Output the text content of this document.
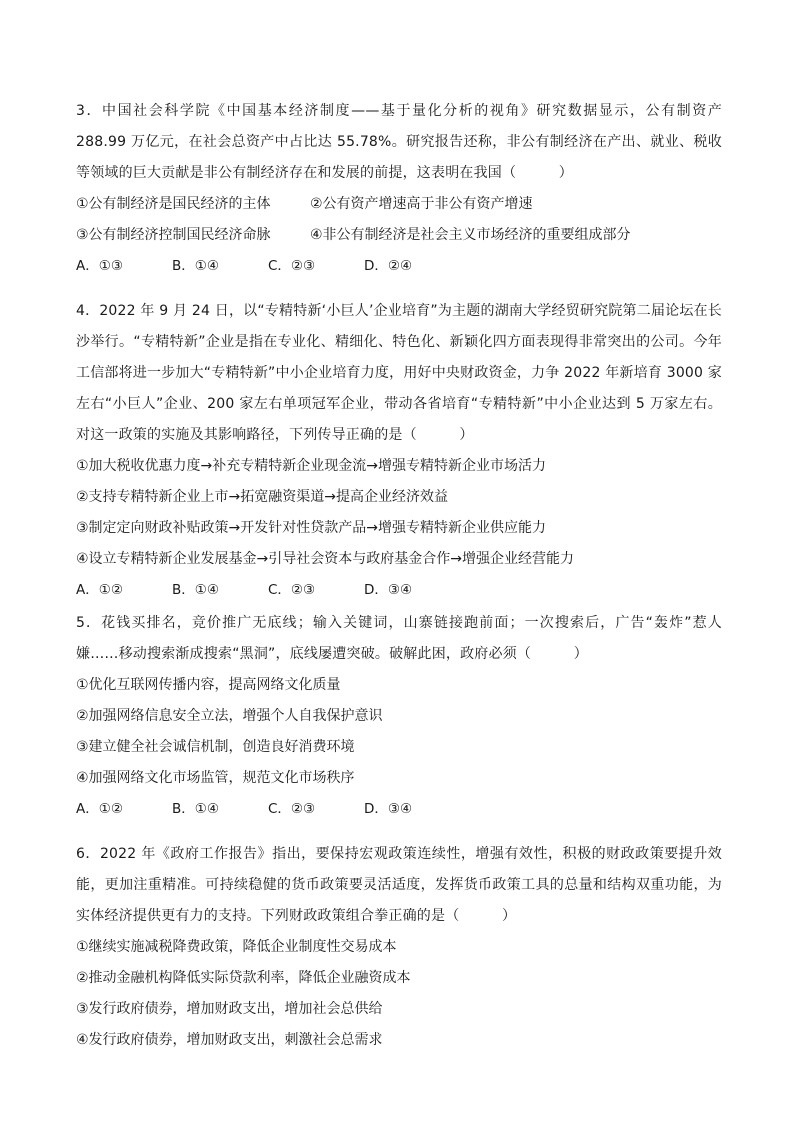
3．中国社会科学院《中国基本经济制度——基于量化分析的视角》研究数据显示，公有制资产 288.99 万亿元，在社会总资产中占比达 55.78%。研究报告还称，非公有制经济在产出、就业、税收等领域的巨大贡献是非公有制经济存在和发展的前提，这表明在我国（　　　）

①公有制经济是国民经济的主体	②公有资产增速高于非公有资产增速
③公有制经济控制国民经济命脉	④非公有制经济是社会主义市场经济的重要组成部分
A．①③	B．①④	C．②③	D．②④

4．2022 年 9 月 24 日，以“专精特新‘小巨人’企业培育”为主题的湖南大学经贸研究院第二届论坛在长沙举行。“专精特新”企业是指在专业化、精细化、特色化、新颖化四方面表现得非常突出的公司。今年工信部将进一步加大“专精特新”中小企业培育力度，用好中央财政资金，力争 2022 年新培育 3000 家左右“小巨人”企业、200 家左右单项冠军企业，带动各省培育“专精特新”中小企业达到 5 万家左右。对这一政策的实施及其影响路径，下列传导正确的是（　　　）

①加大税收优惠力度→补充专精特新企业现金流→增强专精特新企业市场活力

②支持专精特新企业上市→拓宽融资渠道→提高企业经济效益

③制定定向财政补贴政策→开发针对性贷款产品→增强专精特新企业供应能力

④设立专精特新企业发展基金→引导社会资本与政府基金合作→增强企业经营能力

A．①②	B．①④	C．②③	D．③④

5．花钱买排名，竞价推广无底线；输入关键词，山寨链接跑前面；一次搜索后，广告“轰炸”惹人嫌……移动搜索渐成搜索“黑洞”，底线屡遭突破。破解此困，政府必须（　　　）

①优化互联网传播内容，提高网络文化质量

②加强网络信息安全立法，增强个人自我保护意识

③建立健全社会诚信机制，创造良好消费环境

④加强网络文化市场监管，规范文化市场秩序

A．①②	B．①④	C．②③	D．③④

6．2022 年《政府工作报告》指出，要保持宏观政策连续性，增强有效性，积极的财政政策要提升效能，更加注重精准。可持续稳健的货币政策要灵活适度，发挥货币政策工具的总量和结构双重功能，为实体经济提供更有力的支持。下列财政政策组合拳正确的是（　　　）

①继续实施减税降费政策，降低企业制度性交易成本

②推动金融机构降低实际贷款利率，降低企业融资成本

③发行政府债券，增加财政支出，增加社会总供给

④发行政府债券，增加财政支出，刺激社会总需求
